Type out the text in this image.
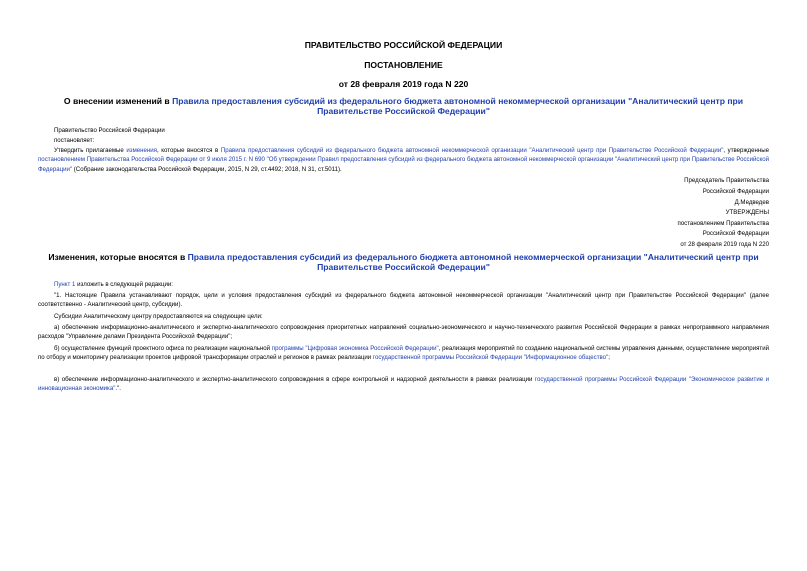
ПРАВИТЕЛЬСТВО РОССИЙСКОЙ ФЕДЕРАЦИИ
ПОСТАНОВЛЕНИЕ
от 28 февраля 2019 года N 220
О внесении изменений в Правила предоставления субсидий из федерального бюджета автономной некоммерческой организации "Аналитический центр при Правительстве Российской Федерации"
Правительство Российской Федерации
постановляет:
Утвердить прилагаемые изменения, которые вносятся в Правила предоставления субсидий из федерального бюджета автономной некоммерческой организации "Аналитический центр при Правительстве Российской Федерации", утвержденные постановлением Правительства Российской Федерации от 9 июля 2015 г. N 690 "Об утверждении Правил предоставления субсидий из федерального бюджета автономной некоммерческой организации "Аналитический центр при Правительстве Российской Федерации" (Собрание законодательства Российской Федерации, 2015, N 29, ст.4492; 2018, N 31, ст.5011).
Председатель Правительства
Российской Федерации
Д.Медведев
УТВЕРЖДЕНЫ
постановлением Правительства
Российской Федерации
от 28 февраля 2019 года N 220
Изменения, которые вносятся в Правила предоставления субсидий из федерального бюджета автономной некоммерческой организации "Аналитический центр при Правительстве Российской Федерации"
Пункт 1 изложить в следующей редакции:
"1. Настоящие Правила устанавливают порядок, цели и условия предоставления субсидий из федерального бюджета автономной некоммерческой организации "Аналитический центр при Правительстве Российской Федерации" (далее соответственно - Аналитический центр, субсидии).
Субсидии Аналитическому центру предоставляются на следующие цели:
а) обеспечение информационно-аналитического и экспертно-аналитического сопровождения приоритетных направлений социально-экономического и научно-технического развития Российской Федерации в рамках непрограммного направления расходов "Управление делами Президента Российской Федерации";
б) осуществление функций проектного офиса по реализации национальной программы "Цифровая экономика Российской Федерации", реализация мероприятий по созданию национальной системы управления данными, осуществление мероприятий по отбору и мониторингу реализации проектов цифровой трансформации отраслей и регионов в рамках реализации государственной программы Российской Федерации "Информационное общество";
в) обеспечение информационно-аналитического и экспертно-аналитического сопровождения в сфере контрольной и надзорной деятельности в рамках реализации государственной программы Российской Федерации "Экономическое развитие и инновационная экономика".".
